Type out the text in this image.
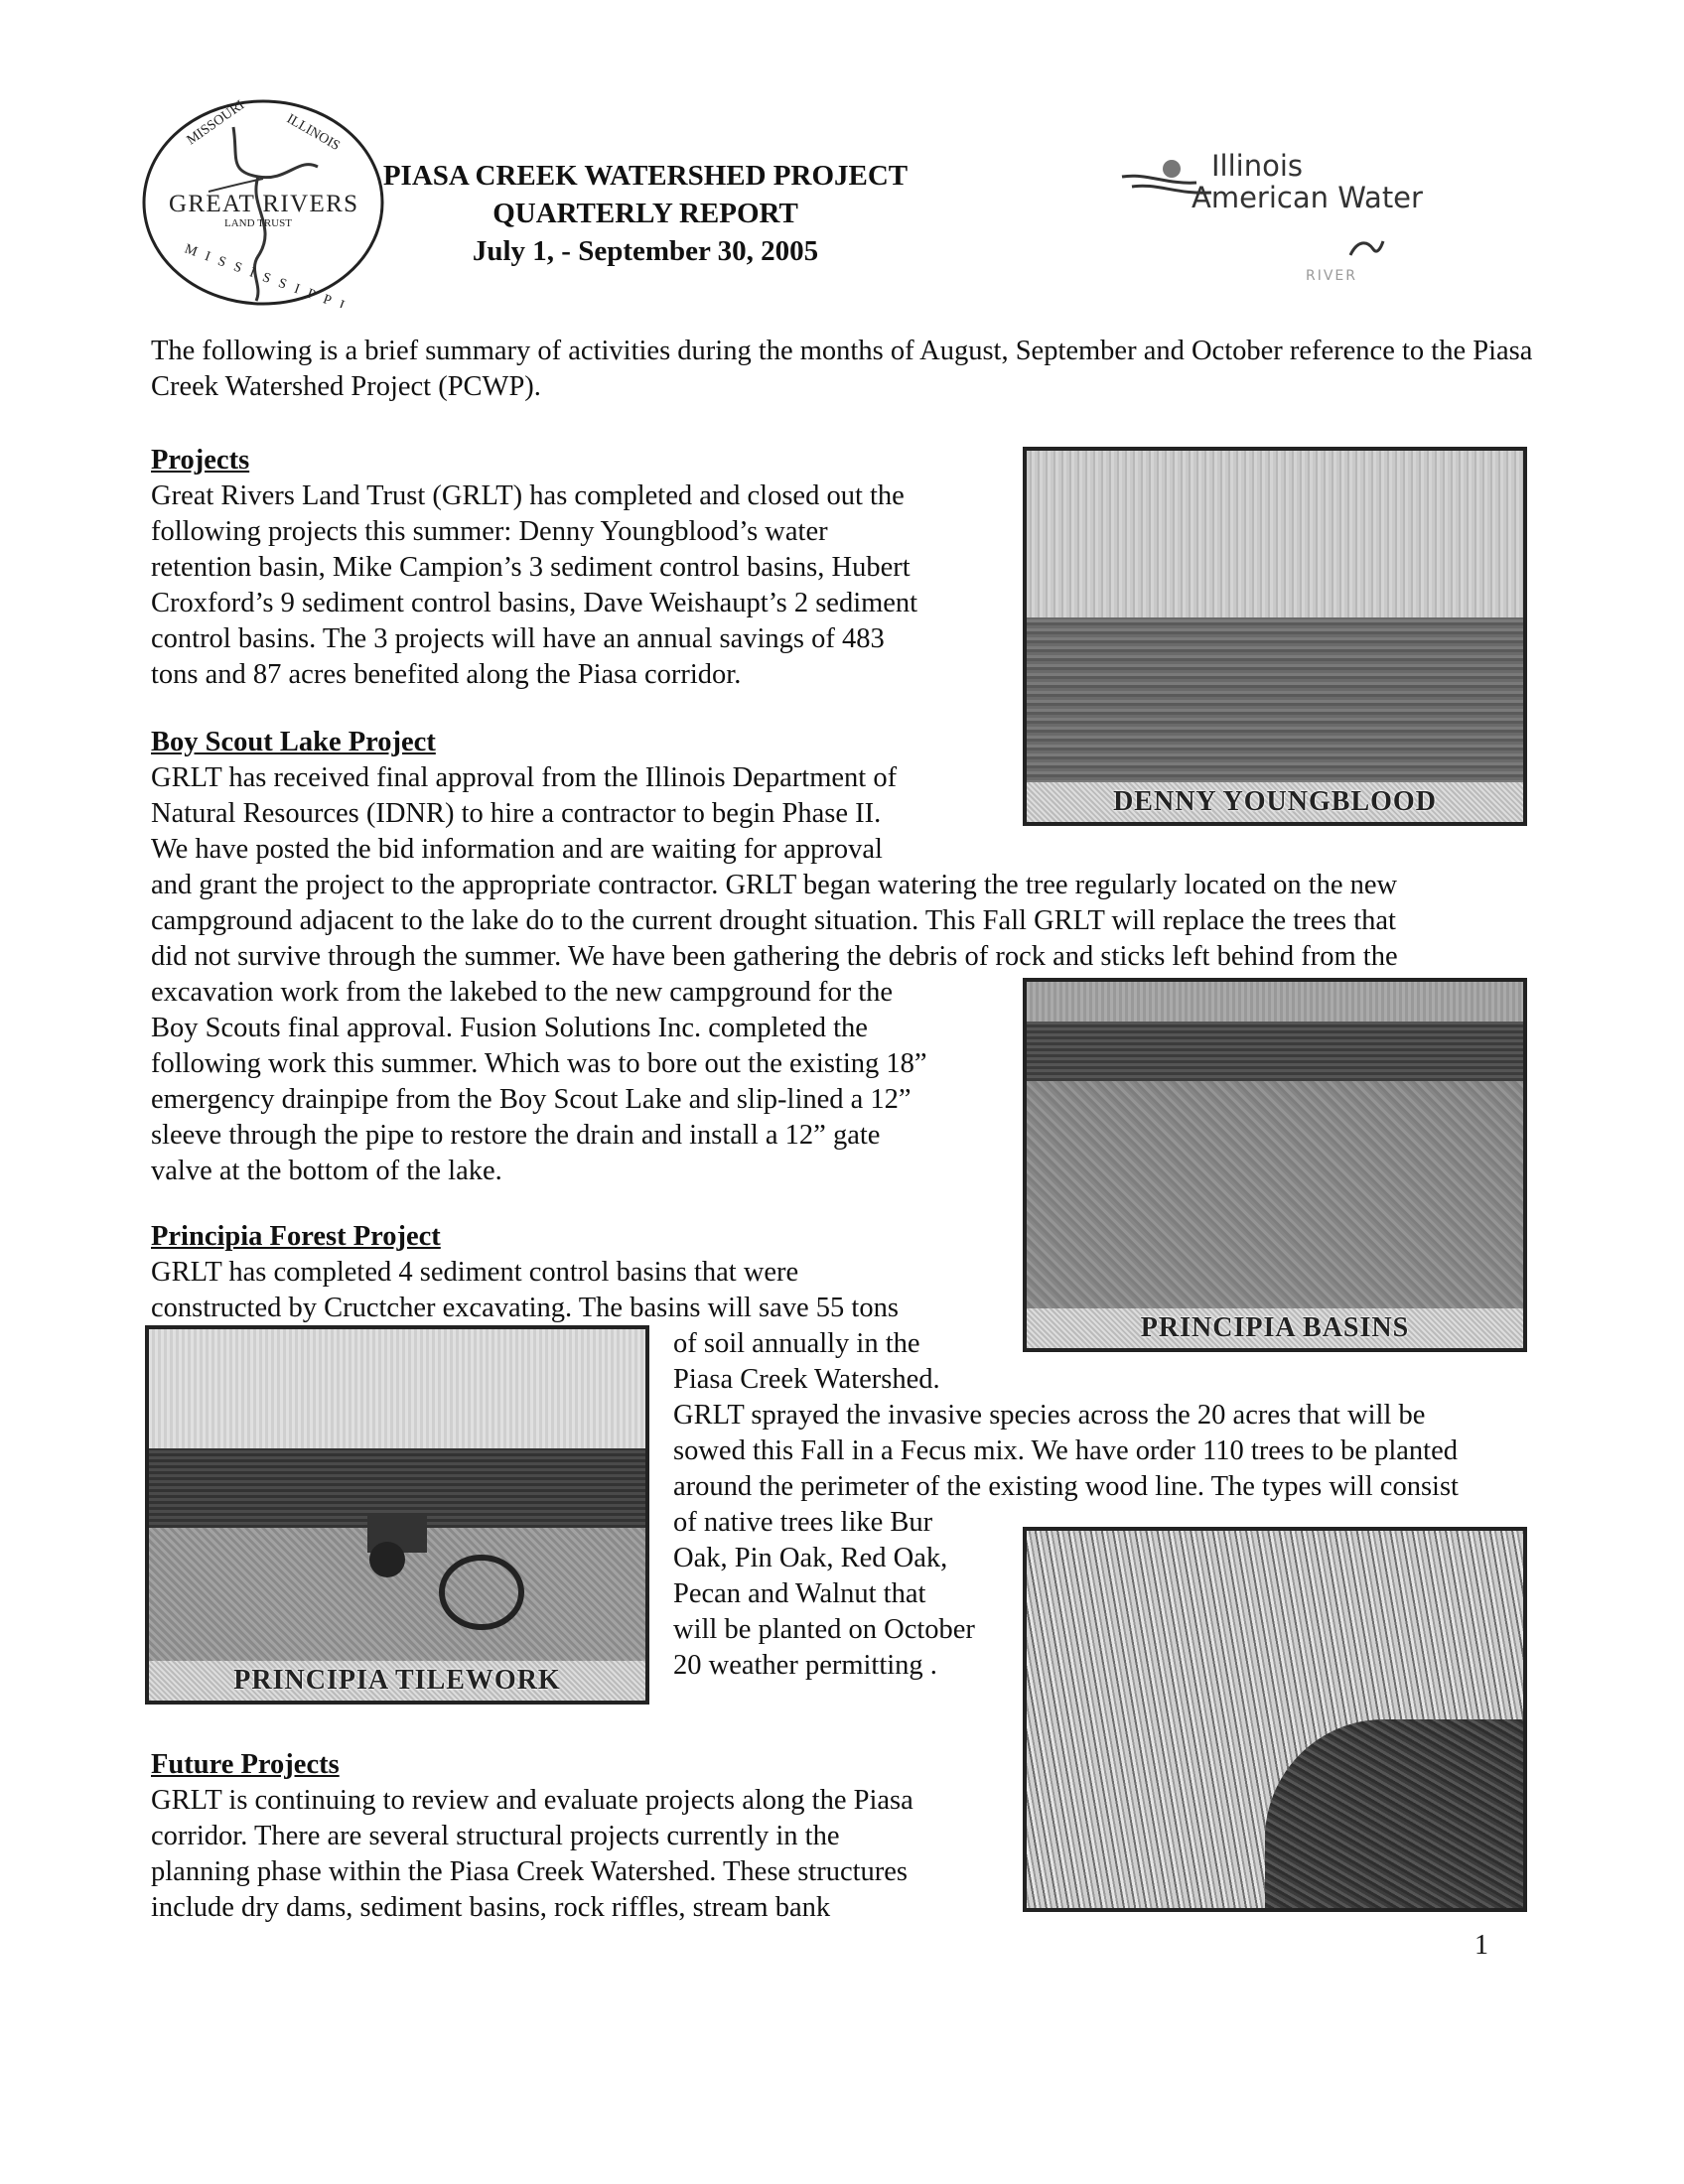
MISSOURI	ILLINOIS
GREAT RIVERS
LAND TRUST
MISSISSIPPI
PIASA CREEK WATERSHED PROJECT
QUARTERLY REPORT
July 1, - September 30, 2005
Illinois
American Water
RIVER

The following is a brief summary of activities during the months of August, September and October reference to the Piasa Creek Watershed Project (PCWP).

Projects

Great Rivers Land Trust (GRLT) has completed and closed out the

following projects this summer: Denny Youngblood’s water

retention basin, Mike Campion’s 3 sediment control basins, Hubert

Croxford’s 9 sediment control basins, Dave Weishaupt’s 2 sediment

control basins. The 3 projects will have an annual savings of 483

tons and 87 acres benefited along the Piasa corridor.

Boy Scout Lake Project

GRLT has received final approval from the Illinois Department of

Natural Resources (IDNR) to hire a contractor to begin Phase II.

We have posted the bid information and are waiting for approval

and grant the project to the appropriate contractor. GRLT began watering the tree regularly located on the new

campground adjacent to the lake do to the current drought situation. This Fall GRLT will replace the trees that

did not survive through the summer. We have been gathering the debris of rock and sticks left behind from the

excavation work from the lakebed to the new campground for the

Boy Scouts final approval. Fusion Solutions Inc. completed the

following work this summer. Which was to bore out the existing 18”

emergency drainpipe from the Boy Scout Lake and slip-lined a 12”

sleeve through the pipe to restore the drain and install a 12” gate

valve at the bottom of the lake.

Principia Forest Project

GRLT has completed 4 sediment control basins that were

constructed by Cructcher excavating. The basins will save 55 tons

of soil annually in the

Piasa Creek Watershed.

GRLT sprayed the invasive species across the 20 acres that will be

sowed this Fall in a Fecus mix. We have order 110 trees to be planted

around the perimeter of the existing wood line. The types will consist

of native trees like Bur

Oak, Pin Oak, Red Oak,

Pecan and Walnut that

will be planted on October

20 weather permitting .

Future Projects

GRLT is continuing to review and evaluate projects along the Piasa

corridor. There are several structural projects currently in the

planning phase within the Piasa Creek Watershed. These structures

include dry dams, sediment basins, rock riffles, stream bank

DENNY YOUNGBLOOD
PRINCIPIA BASINS
PRINCIPIA TILEWORK
1
